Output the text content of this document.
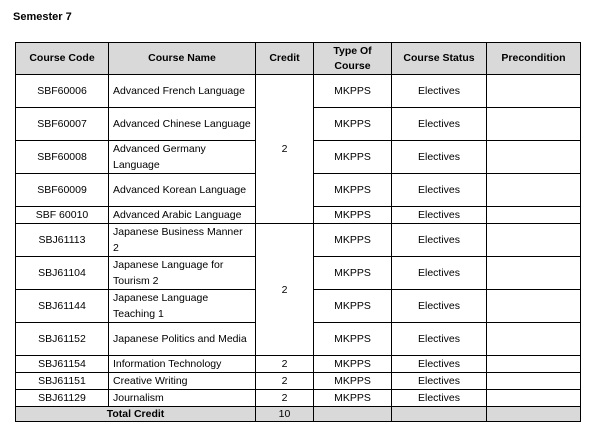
Semester 7
Course Code	Course Name	Credit	Type Of Course	Course Status	Precondition
SBF60006	Advanced French Language	2	MKPPS	Electives	
SBF60007	Advanced Chinese Language		MKPPS	Electives	
SBF60008	Advanced Germany Language		MKPPS	Electives	
SBF60009	Advanced Korean Language		MKPPS	Electives	
SBF 60010	Advanced Arabic Language		MKPPS	Electives	
SBJ61113	Japanese Business Manner 2	2	MKPPS	Electives	
SBJ61104	Japanese Language for Tourism 2		MKPPS	Electives	
SBJ61144	Japanese Language Teaching 1		MKPPS	Electives	
SBJ61152	Japanese Politics and Media		MKPPS	Electives	
SBJ61154	Information Technology	2	MKPPS	Electives	
SBJ61151	Creative Writing	2	MKPPS	Electives	
SBJ61129	Journalism	2	MKPPS	Electives	
Total Credit		10			
